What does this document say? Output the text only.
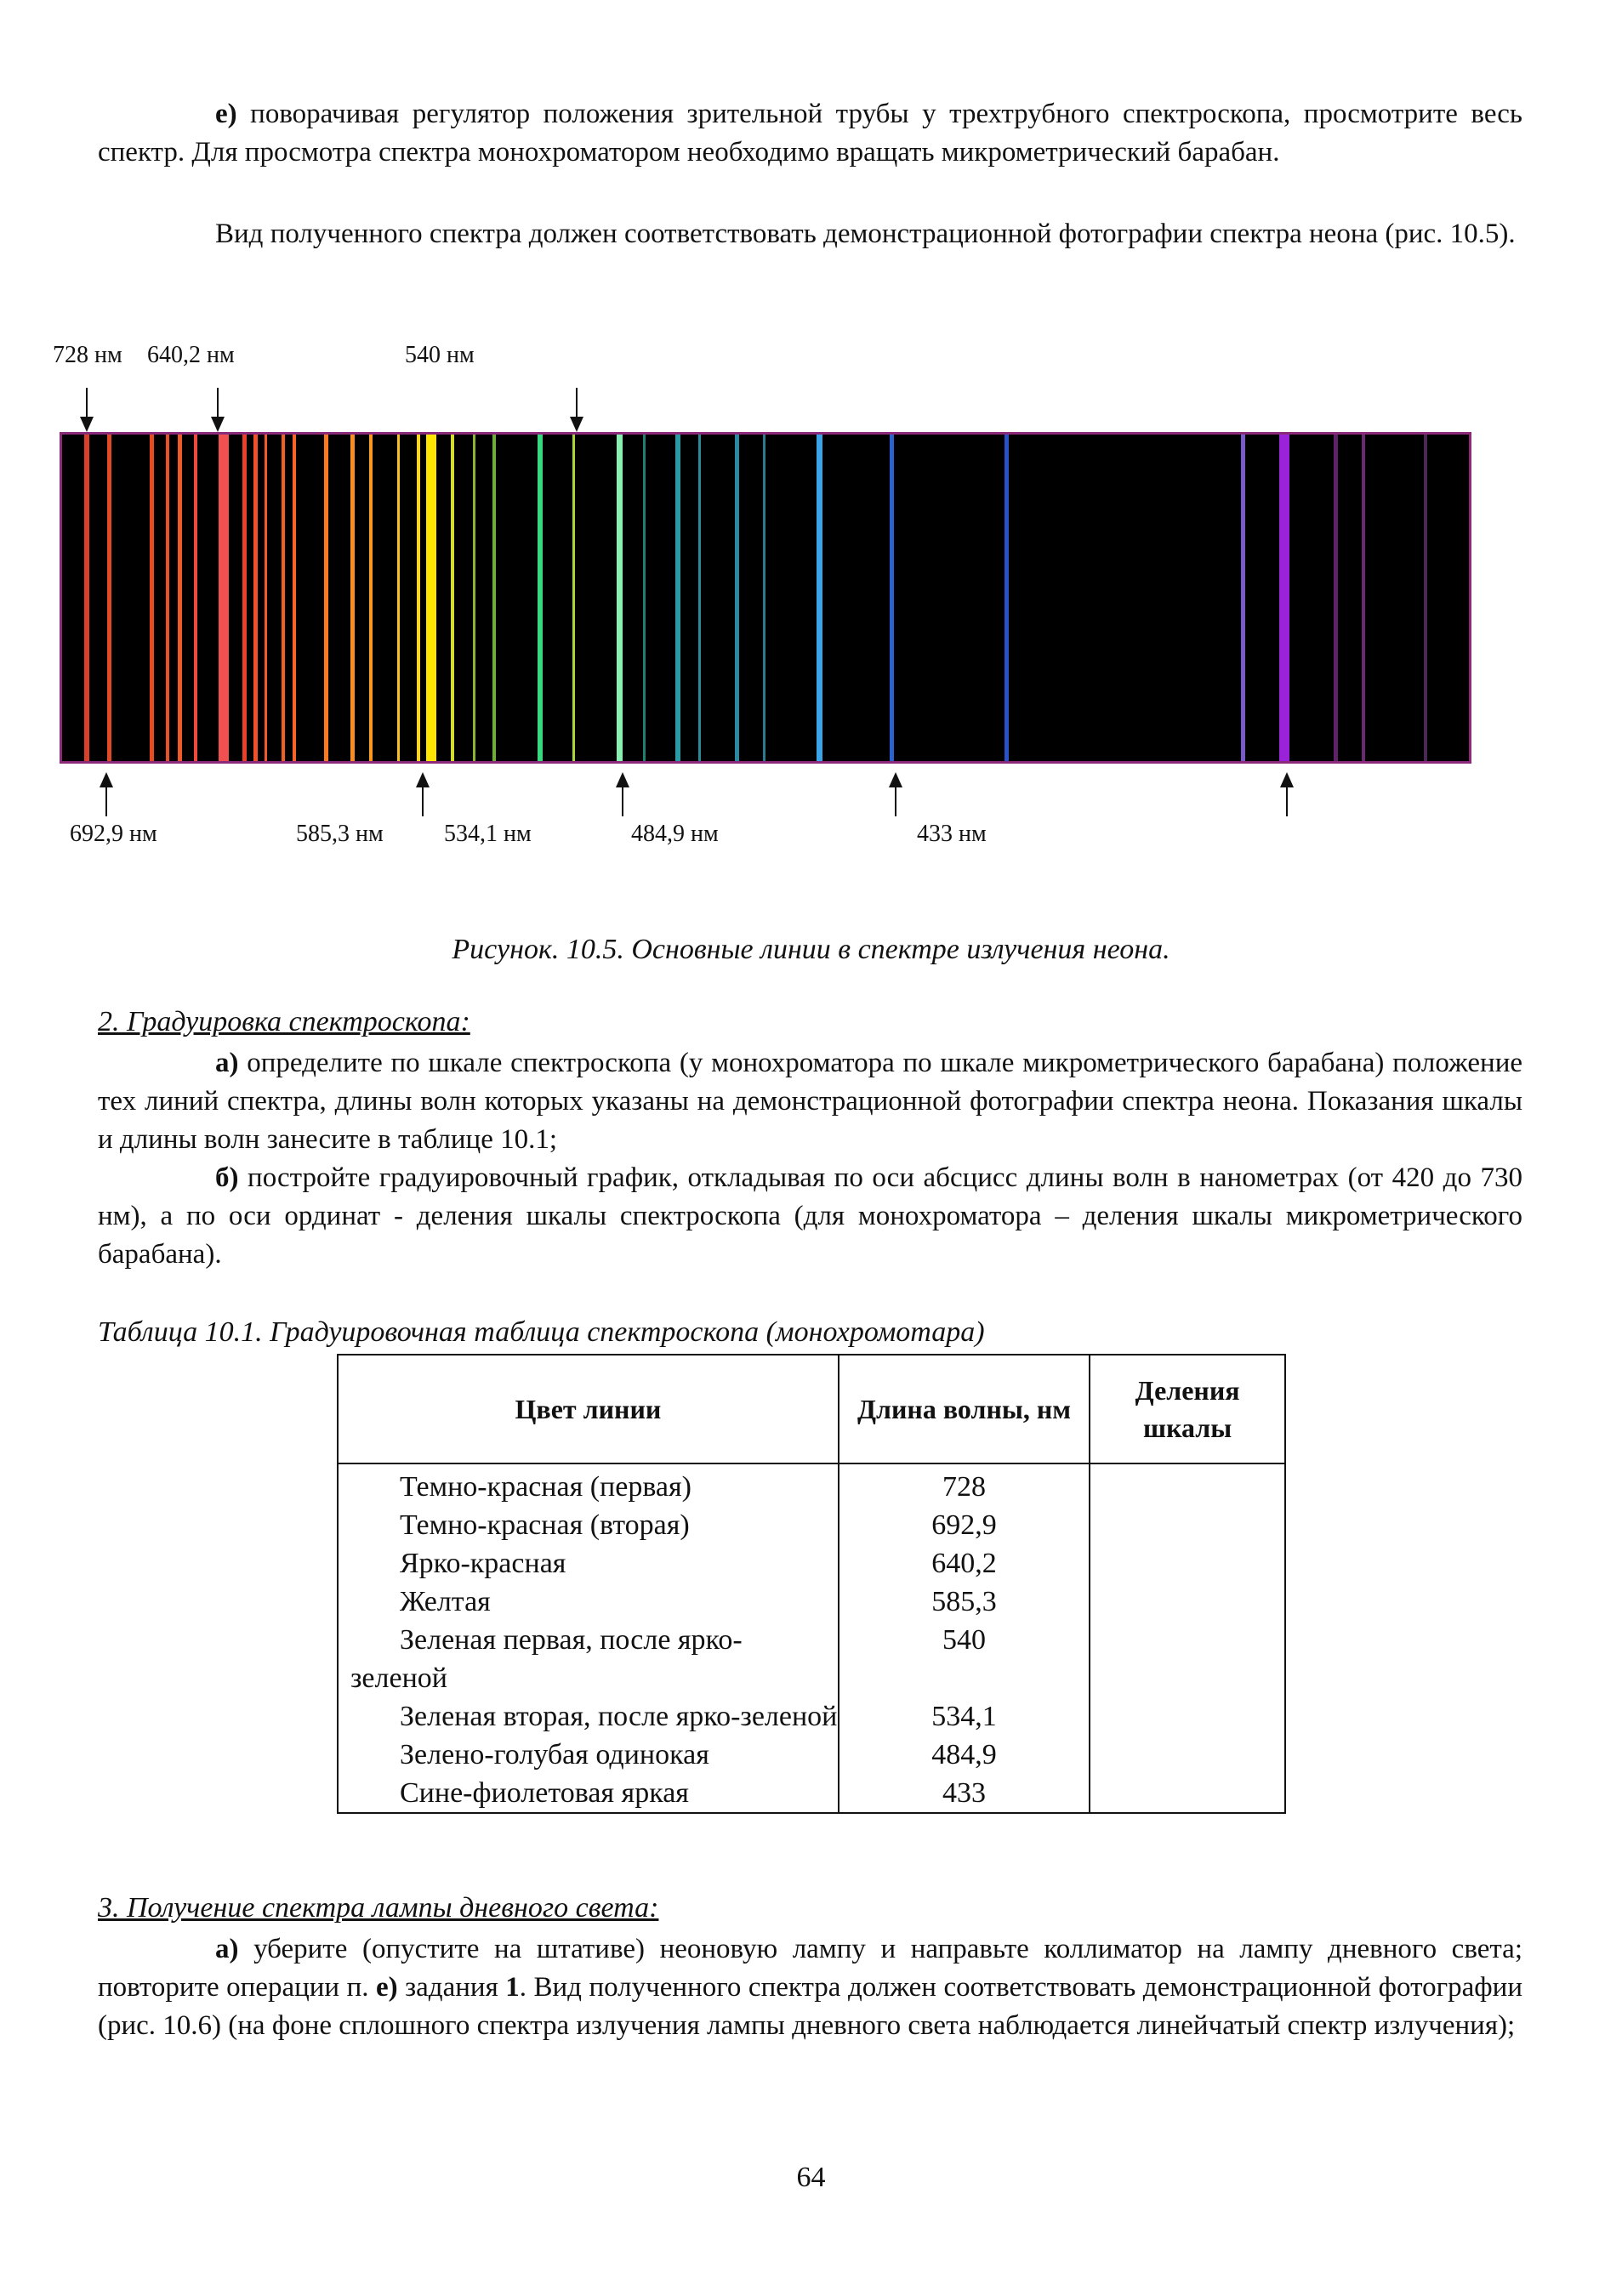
е) поворачивая регулятор положения зрительной трубы у трехтрубного спектроскопа, просмотрите весь спектр. Для просмотра спектра монохроматором необходимо вращать микрометрический барабан.

Вид полученного спектра должен соответствовать демонстрационной фотографии спектра неона (рис. 10.5).

728 нм 640,2 нм	540 нм
692,9 нм	585,3 нм	534,1 нм	484,9 нм	433 нм

Рисунок. 10.5. Основные линии в спектре излучения неона.

2. Градуировка спектроскопа:

а) определите по шкале спектроскопа (у монохроматора по шкале микрометрического барабана) положение тех линий спектра, длины волн которых указаны на демонстрационной фотографии спектра неона. Показания шкалы и длины волн занесите в таблице 10.1;

б) постройте градуировочный график, откладывая по оси абсцисс длины волн в нанометрах (от 420 до 730 нм), а по оси ординат - деления шкалы спектроскопа (для монохроматора – деления шкалы микрометрического барабана).

Таблица 10.1. Градуировочная таблица спектроскопа (монохромотара)

Цвет линии	Длина волны, нм	Деления шкалы
Темно-красная (первая)	728	
Темно-красная (вторая)	692,9	
Ярко-красная	640,2	
Желтая	585,3	
Зеленая первая, после ярко-зеленой	540	
Зеленая вторая, после ярко-зеленой	534,1	
Зелено-голубая одинокая	484,9	
Сине-фиолетовая яркая	433	

3. Получение спектра лампы дневного света:

а) уберите (опустите на штативе) неоновую лампу и направьте коллиматор на лампу дневного света; повторите операции п. е) задания 1. Вид полученного спектра должен соответствовать демонстрационной фотографии (рис. 10.6) (на фоне сплошного спектра излучения лампы дневного света наблюдается линейчатый спектр излучения);

64
